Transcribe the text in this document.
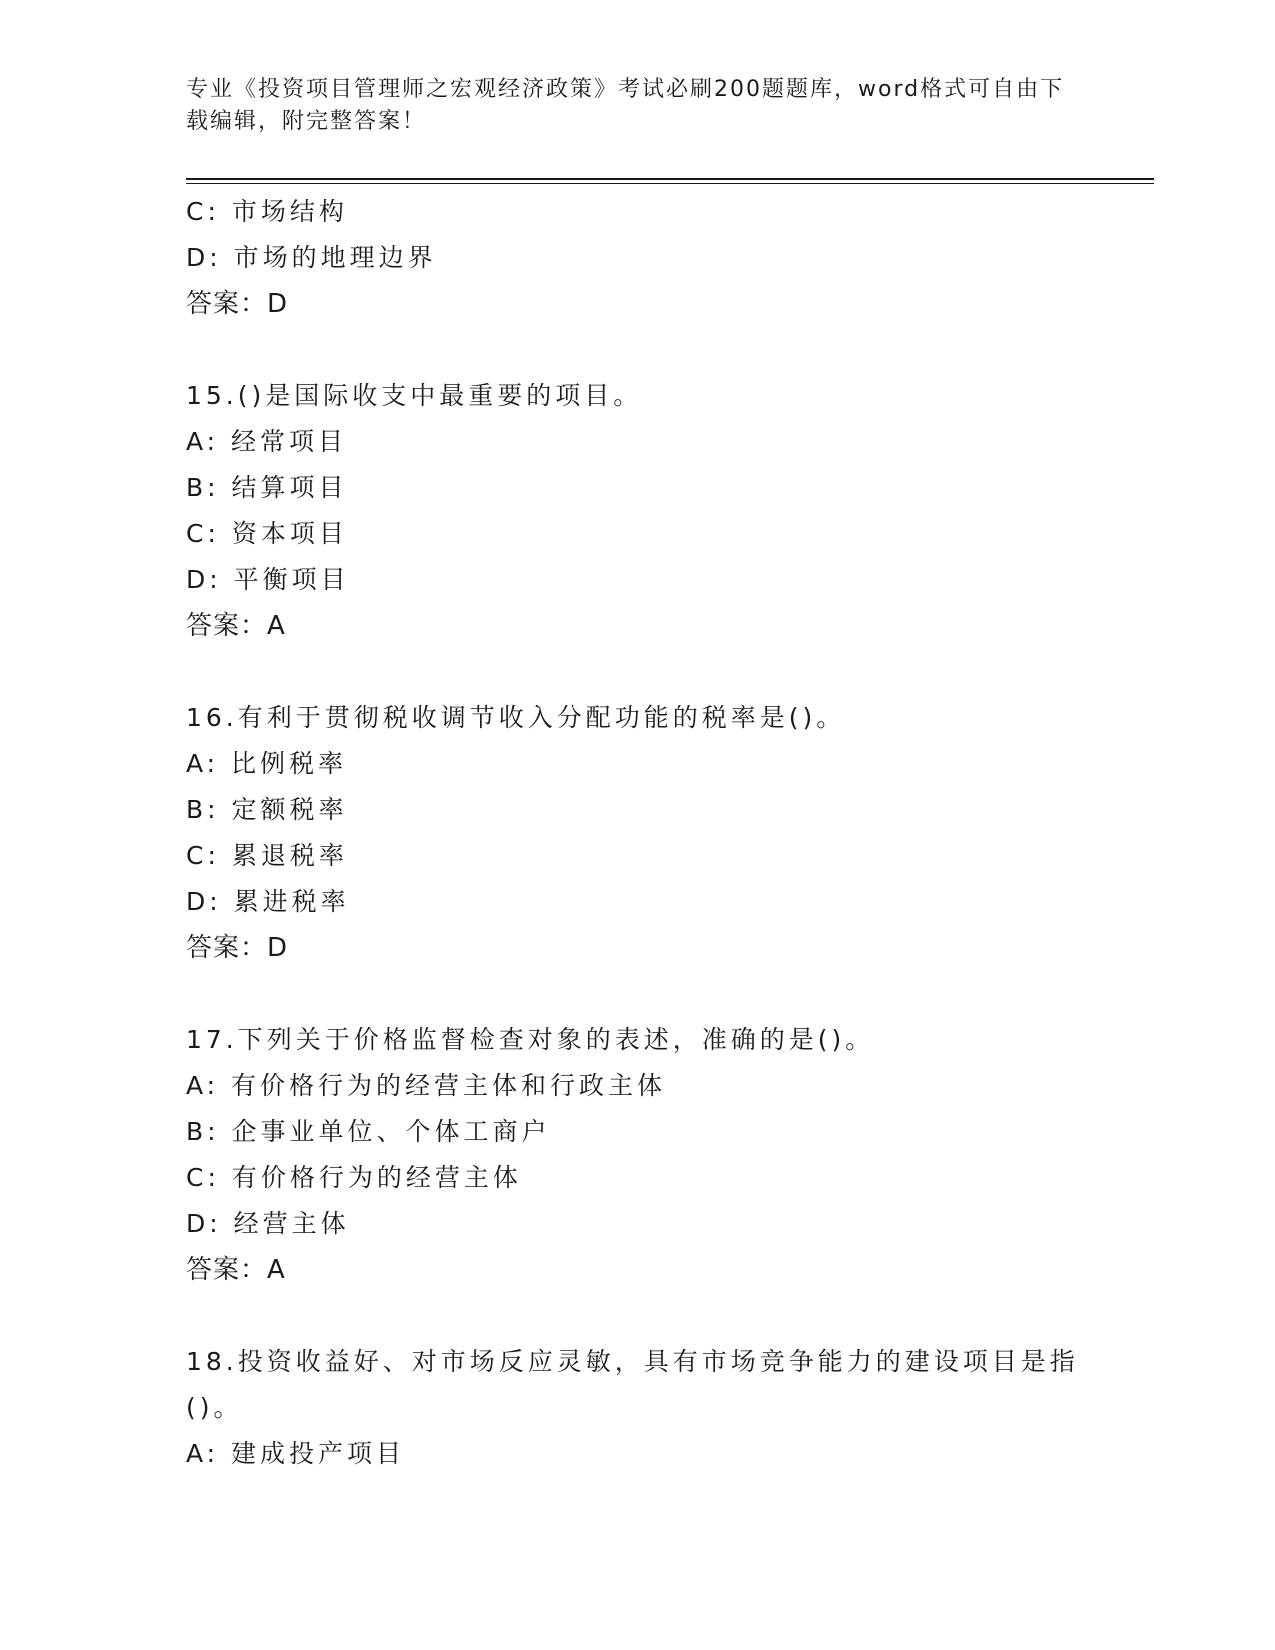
专业《投资项目管理师之宏观经济政策》考试必刷200题题库，word格式可自由下载编辑，附完整答案！
C: 市场结构
D: 市场的地理边界
答案：D
15.()是国际收支中最重要的项目。
A: 经常项目
B: 结算项目
C: 资本项目
D: 平衡项目
答案：A
16.有利于贯彻税收调节收入分配功能的税率是()。
A: 比例税率
B: 定额税率
C: 累退税率
D: 累进税率
答案：D
17.下列关于价格监督检查对象的表述，准确的是()。
A: 有价格行为的经营主体和行政主体
B: 企事业单位、个体工商户
C: 有价格行为的经营主体
D: 经营主体
答案：A
18.投资收益好、对市场反应灵敏，具有市场竞争能力的建设项目是指()。
A: 建成投产项目
